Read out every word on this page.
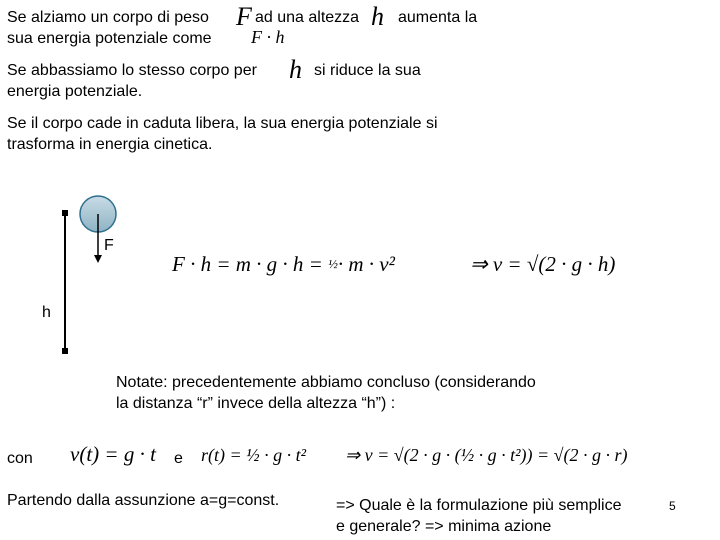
Se alziamo un corpo di peso F ad una altezza h aumenta la
sua energia potenziale come F · h
Se abbassiamo lo stesso corpo per h si riduce la sua
energia potenziale.
Se il corpo cade in caduta libera, la sua energia potenziale si
trasforma in energia cinetica.
F
h
F · h = m · g · h = ½· m · v²	⇒ v = √(2 · g · h)
Notate: precedentemente abbiamo concluso (considerando
la distanza “r” invece della altezza “h”) :
con v(t) = g · t e r(t) = ½ · g · t² ⇒ v = √(2 · g · (½ · g · t²)) = √(2 · g · r)
Partendo dalla assunzione a=g=const.	=> Quale è la formulazione più semplice
e generale? => minima azione
5
